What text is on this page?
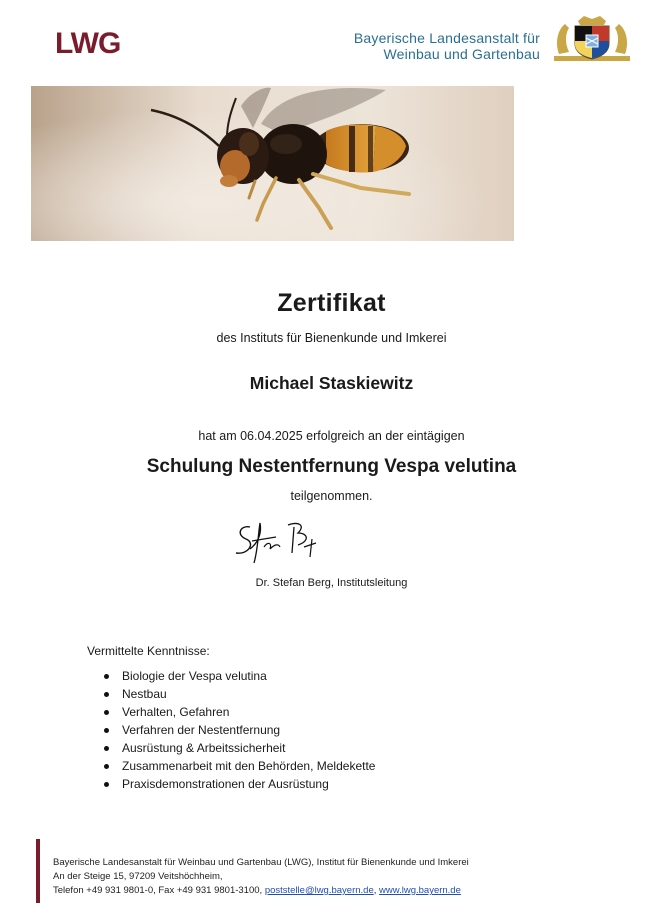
LWG	Bayerische Landesanstalt für
Weinbau und Gartenbau
Zertifikat
des Instituts für Bienenkunde und Imkerei
Michael Staskiewitz
hat am 06.04.2025 erfolgreich an der eintägigen
Schulung Nestentfernung Vespa velutina
teilgenommen.
Dr. Stefan Berg, Institutsleitung
Vermittelte Kenntnisse:
Biologie der Vespa velutina
Nestbau
Verhalten, Gefahren
Verfahren der Nestentfernung
Ausrüstung & Arbeitssicherheit
Zusammenarbeit mit den Behörden, Meldekette
Praxisdemonstrationen der Ausrüstung
Bayerische Landesanstalt für Weinbau und Gartenbau (LWG), Institut für Bienenkunde und Imkerei
An der Steige 15, 97209 Veitshöchheim,
Telefon +49 931 9801-0, Fax +49 931 9801-3100, poststelle@lwg.bayern.de, www.lwg.bayern.de
